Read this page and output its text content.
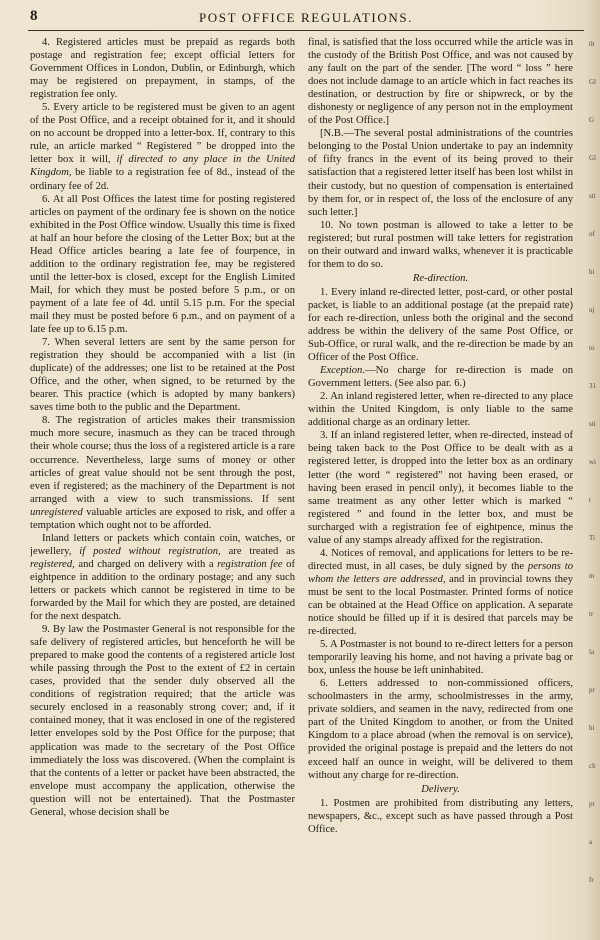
8	POST OFFICE REGULATIONS.

4. Registered articles must be prepaid as regards both postage and registration fee; except official letters for Government Offices in London, Dublin, or Edinburgh, which may be registered on prepayment, in stamps, of the registration fee only.

5. Every article to be registered must be given to an agent of the Post Office, and a receipt obtained for it, and it should on no account be dropped into a letter-box. If, contrary to this rule, an article marked “ Registered ” be dropped into the letter box it will, if directed to any place in the United Kingdom, be liable to a registration fee of 8d., instead of the ordinary fee of 2d.

6. At all Post Offices the latest time for posting registered articles on payment of the ordinary fee is shown on the notice exhibited in the Post Office window. Usually this time is fixed at half an hour before the closing of the Letter Box; but at the Head Office articles bearing a late fee of fourpence, in addition to the ordinary registration fee, may be registered until the letter-box is closed, except for the English Limited Mail, for which they must be posted before 5 p.m., or on payment of a late fee of 4d. until 5.15 p.m. For the special mail they must be posted before 6 p.m., and on payment of a late fee up to 6.15 p.m.

7. When several letters are sent by the same person for registration they should be accompanied with a list (in duplicate) of the addresses; one list to be retained at the Post Office, and the other, when signed, to be returned by the bearer. This practice (which is adopted by many bankers) saves time both to the public and the Department.

8. The registration of articles makes their transmission much more secure, inasmuch as they can be traced through their whole course; thus the loss of a registered article is a rare occurrence. Nevertheless, large sums of money or other articles of great value should not be sent through the post, even if registered; as the machinery of the Department is not arranged with a view to such transmissions. If sent unregistered valuable articles are exposed to risk, and offer a temptation which ought not to be afforded.

Inland letters or packets which contain coin, watches, or jewellery, if posted without registration, are treated as registered, and charged on delivery with a registration fee of eightpence in addition to the ordinary postage; and any such letters or packets which cannot be registered in time to be forwarded by the Mail for which they are posted, are detained for the next despatch.

9. By law the Postmaster General is not responsible for the safe delivery of registered articles, but henceforth he will be prepared to make good the contents of a registered article lost while passing through the Post to the extent of £2 in certain cases, provided that the sender duly observed all the conditions of registration required; that the article was securely enclosed in a reasonably strong cover; and, if it contained money, that it was enclosed in one of the registered letter envelopes sold by the Post Office for the purpose; that application was made to the secretary of the Post Office immediately the loss was discovered. (When the complaint is that the contents of a letter or packet have been abstracted, the envelope must accompany the application, otherwise the question will not be entertained). That the Postmaster General, whose decision shall be

final, is satisfied that the loss occurred while the article was in the custody of the British Post Office, and was not caused by any fault on the part of the sender. [The word “ loss ” here does not include damage to an article which in fact reaches its destination, or destruction by fire or shipwreck, or by the dishonesty or negligence of any person not in the employment of the Post Office.]

[N.B.—The several postal administrations of the countries belonging to the Postal Union undertake to pay an indemnity of fifty francs in the event of its being proved to their satisfaction that a registered letter itself has been lost whilst in their custody, but no question of compensation is entertained by them for, or in respect of, the loss of the enclosure of any such letter.]

10. No town postman is allowed to take a letter to be registered; but rural postmen will take letters for registration on their outward and inward walks, whenever it is practicable for them to do so.

Re-direction.

1. Every inland re-directed letter, post-card, or other postal packet, is liable to an additional postage (at the prepaid rate) for each re-direction, unless both the original and the second address be within the delivery of the same Post Office, or Sub-Office, or rural walk, and the re-direction be made by an Officer of the Post Office.

Exception.—No charge for re-direction is made on Government letters. (See also par. 6.)

2. An inland registered letter, when re-directed to any place within the United Kingdom, is only liable to the same additional charge as an ordinary letter.

3. If an inland registered letter, when re-directed, instead of being taken back to the Post Office to be dealt with as a registered letter, is dropped into the letter box as an ordinary letter (the word “ registered” not having been erased, or having been erased in pencil only), it becomes liable to the same treatment as any other letter which is marked “ registered ” and found in the letter box, and must be surcharged with a registration fee of eightpence, minus the value of any stamps already affixed for the registration.

4. Notices of removal, and applications for letters to be re-directed must, in all cases, be duly signed by the persons to whom the letters are addressed, and in provincial towns they must be sent to the local Postmaster. Printed forms of notice can be obtained at the Head Office on application. A separate notice should be filled up if it is desired that parcels may be re-directed.

5. A Postmaster is not bound to re-direct letters for a person temporarily leaving his home, and not having a private bag or box, unless the house be left uninhabited.

6. Letters addressed to non-commissioned officers, schoolmasters in the army, schoolmistresses in the army, private soldiers, and seamen in the navy, redirected from one part of the United Kingdom to another, or from the United Kingdom to a place abroad (when the removal is on service), provided the original postage is prepaid and the letters do not exceed half an ounce in weight, will be delivered to them without any charge for re-direction.

Delivery.

1. Postmen are prohibited from distributing any letters, newspapers, &c., except such as have passed through a Post Office.

th
Gl
G
Gl
sti
of
hi
uj
to
31
sti
wi
t
Ti
m
tr
la
pr
hi
ch
pr
a
fr
